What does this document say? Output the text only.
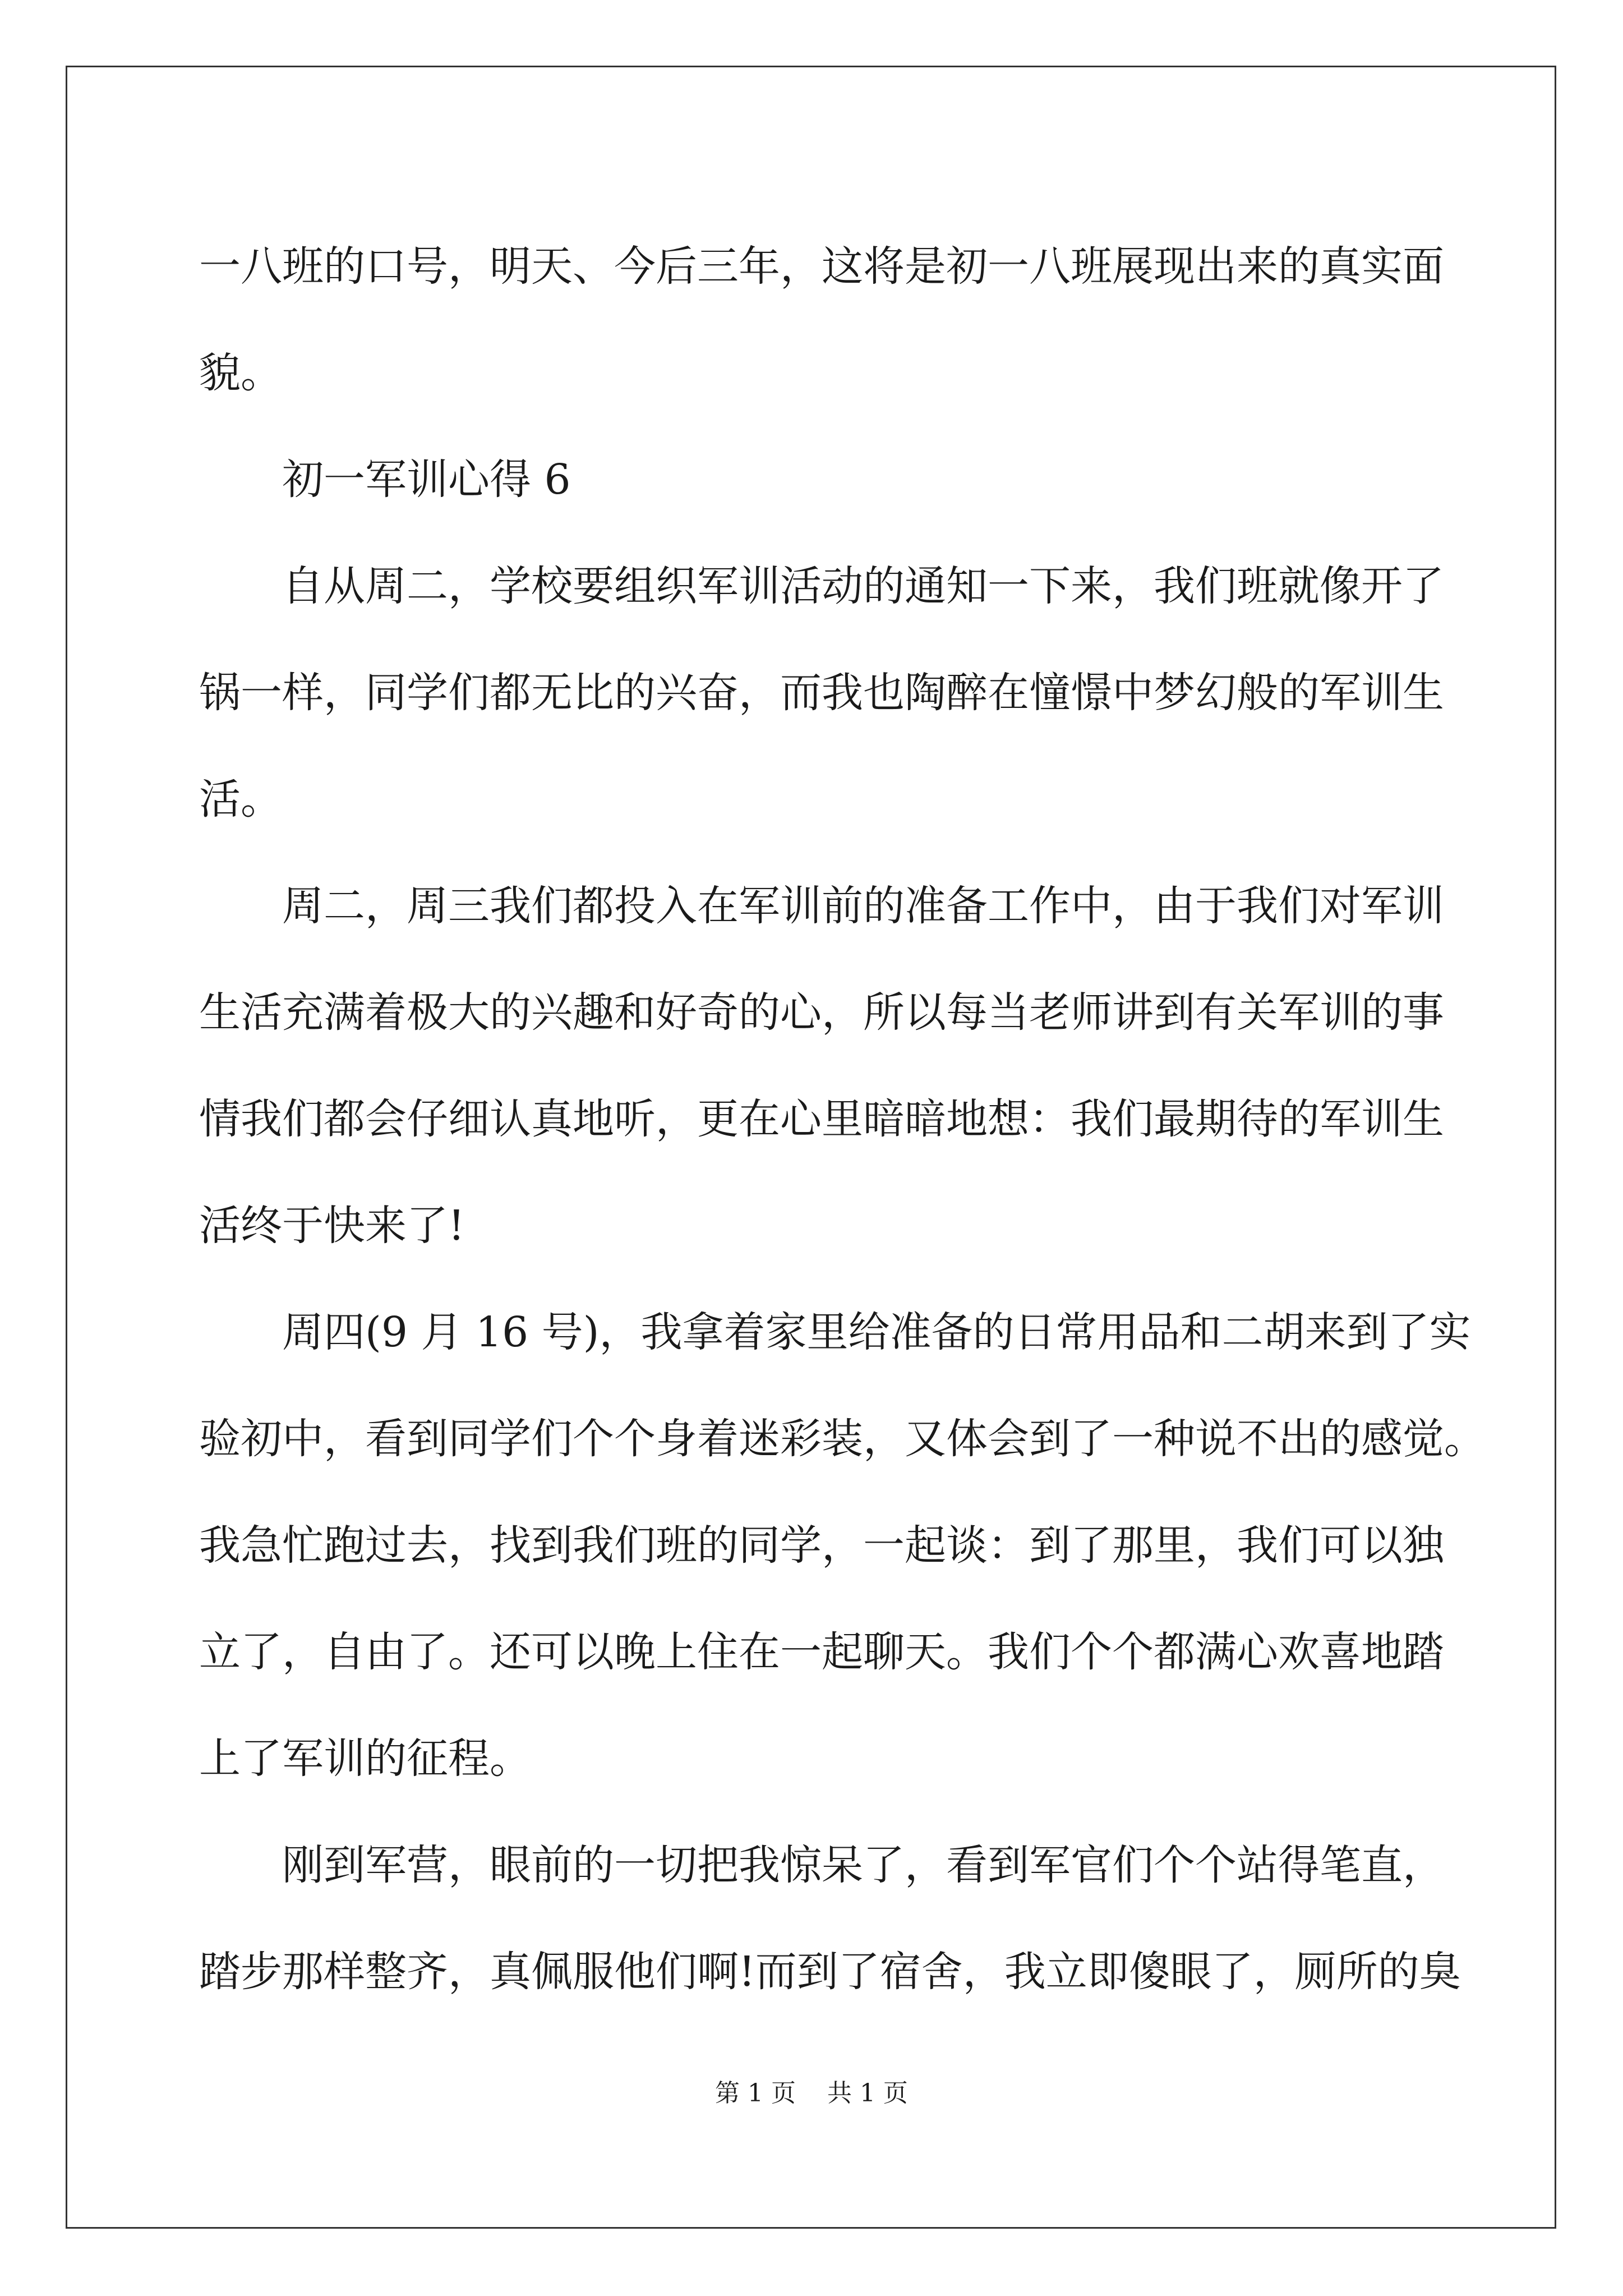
一八班的口号，明天、今后三年，这将是初一八班展现出来的真实面
貌。
初一军训心得 6
自从周二，学校要组织军训活动的通知一下来，我们班就像开了
锅一样，同学们都无比的兴奋，而我也陶醉在憧憬中梦幻般的军训生
活。
周二，周三我们都投入在军训前的准备工作中，由于我们对军训
生活充满着极大的兴趣和好奇的心，所以每当老师讲到有关军训的事
情我们都会仔细认真地听，更在心里暗暗地想：我们最期待的军训生
活终于快来了!
周四(9 月 16 号)，我拿着家里给准备的日常用品和二胡来到了实
验初中，看到同学们个个身着迷彩装，又体会到了一种说不出的感觉。
我急忙跑过去，找到我们班的同学，一起谈：到了那里，我们可以独
立了，自由了。还可以晚上住在一起聊天。我们个个都满心欢喜地踏
上了军训的征程。
刚到军营，眼前的一切把我惊呆了，看到军官们个个站得笔直，
踏步那样整齐，真佩服他们啊!而到了宿舍，我立即傻眼了，厕所的臭
第 1 页 共 1 页
